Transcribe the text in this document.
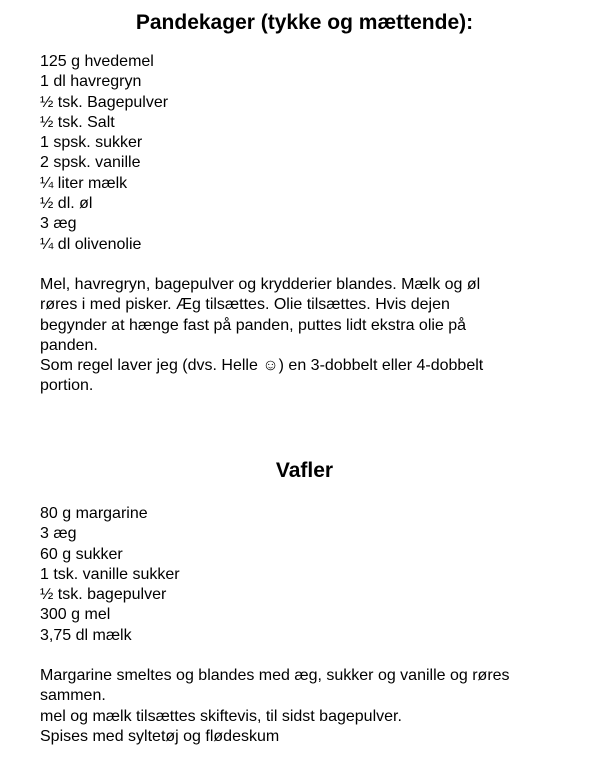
Pandekager (tykke og mættende):
125 g hvedemel
1 dl havregryn
½ tsk. Bagepulver
½ tsk. Salt
1 spsk. sukker
2 spsk. vanille
¼ liter mælk
½ dl. øl
3 æg
¼ dl olivenolie

Mel, havregryn, bagepulver og krydderier blandes. Mælk og øl
røres i med pisker. Æg tilsættes. Olie tilsættes. Hvis dejen
begynder at hænge fast på panden, puttes lidt ekstra olie på
panden.
Som regel laver jeg (dvs. Helle ☺) en 3-dobbelt eller 4-dobbelt
portion.

Vafler
80 g margarine
3 æg
60 g sukker
1 tsk. vanille sukker
½ tsk. bagepulver
300 g mel
3,75 dl mælk

Margarine smeltes og blandes med æg, sukker og vanille og røres
sammen.
mel og mælk tilsættes skiftevis, til sidst bagepulver.
Spises med syltetøj og flødeskum
